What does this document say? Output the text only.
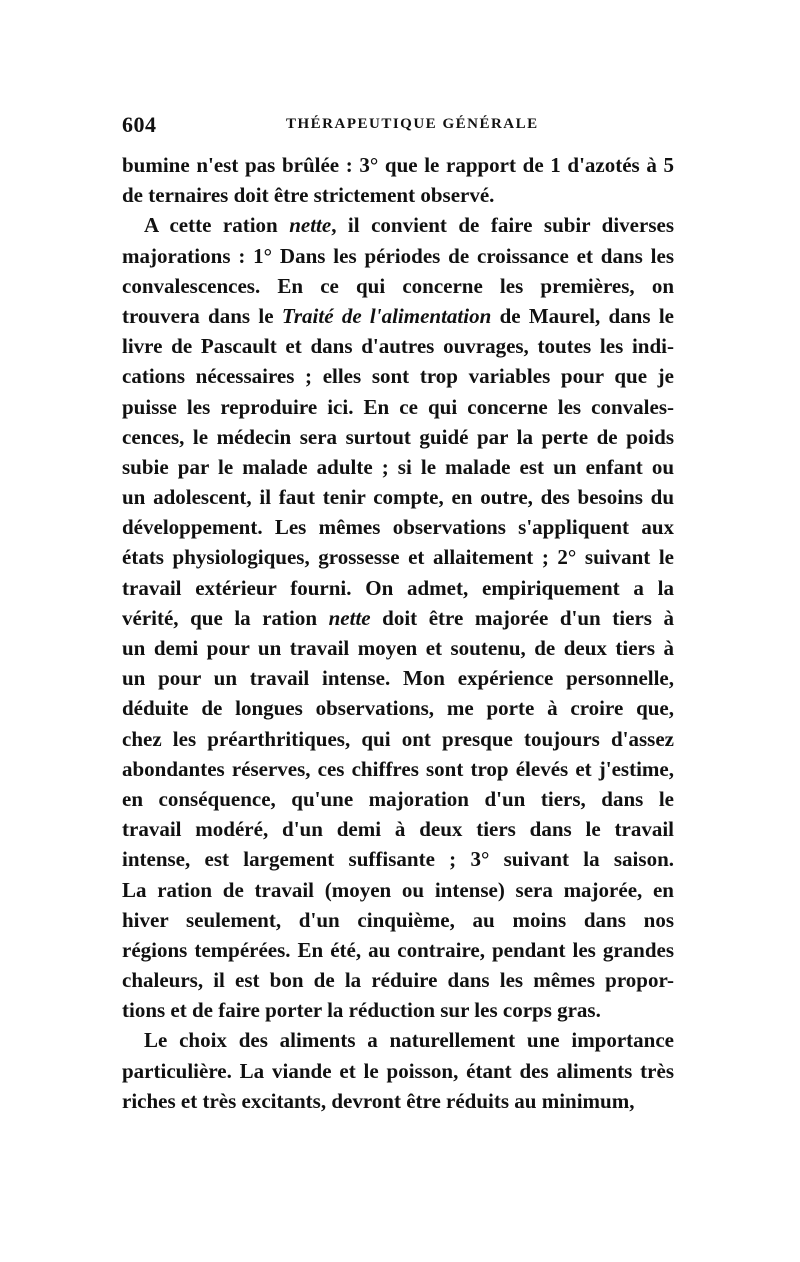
604	THÉRAPEUTIQUE GÉNÉRALE
bumine n'est pas brûlée : 3° que le rapport de 1 d'azotés à 5
de ternaires doit être strictement observé.
A cette ration nette, il convient de faire subir diverses
majorations : 1° Dans les périodes de croissance et dans les
convalescences. En ce qui concerne les premières, on
trouvera dans le Traité de l'alimentation de Maurel, dans le
livre de Pascault et dans d'autres ouvrages, toutes les indi-
cations nécessaires ; elles sont trop variables pour que je
puisse les reproduire ici. En ce qui concerne les convales-
cences, le médecin sera surtout guidé par la perte de poids
subie par le malade adulte ; si le malade est un enfant ou
un adolescent, il faut tenir compte, en outre, des besoins du
développement. Les mêmes observations s'appliquent aux
états physiologiques, grossesse et allaitement ; 2° suivant le
travail extérieur fourni. On admet, empiriquement a la
vérité, que la ration nette doit être majorée d'un tiers à
un demi pour un travail moyen et soutenu, de deux tiers à
un pour un travail intense. Mon expérience personnelle,
déduite de longues observations, me porte à croire que,
chez les préarthritiques, qui ont presque toujours d'assez
abondantes réserves, ces chiffres sont trop élevés et j'estime,
en conséquence, qu'une majoration d'un tiers, dans le
travail modéré, d'un demi à deux tiers dans le travail
intense, est largement suffisante ; 3° suivant la saison.
La ration de travail (moyen ou intense) sera majorée, en
hiver seulement, d'un cinquième, au moins dans nos
régions tempérées. En été, au contraire, pendant les grandes
chaleurs, il est bon de la réduire dans les mêmes propor-
tions et de faire porter la réduction sur les corps gras.
Le choix des aliments a naturellement une importance
particulière. La viande et le poisson, étant des aliments très
riches et très excitants, devront être réduits au minimum,
